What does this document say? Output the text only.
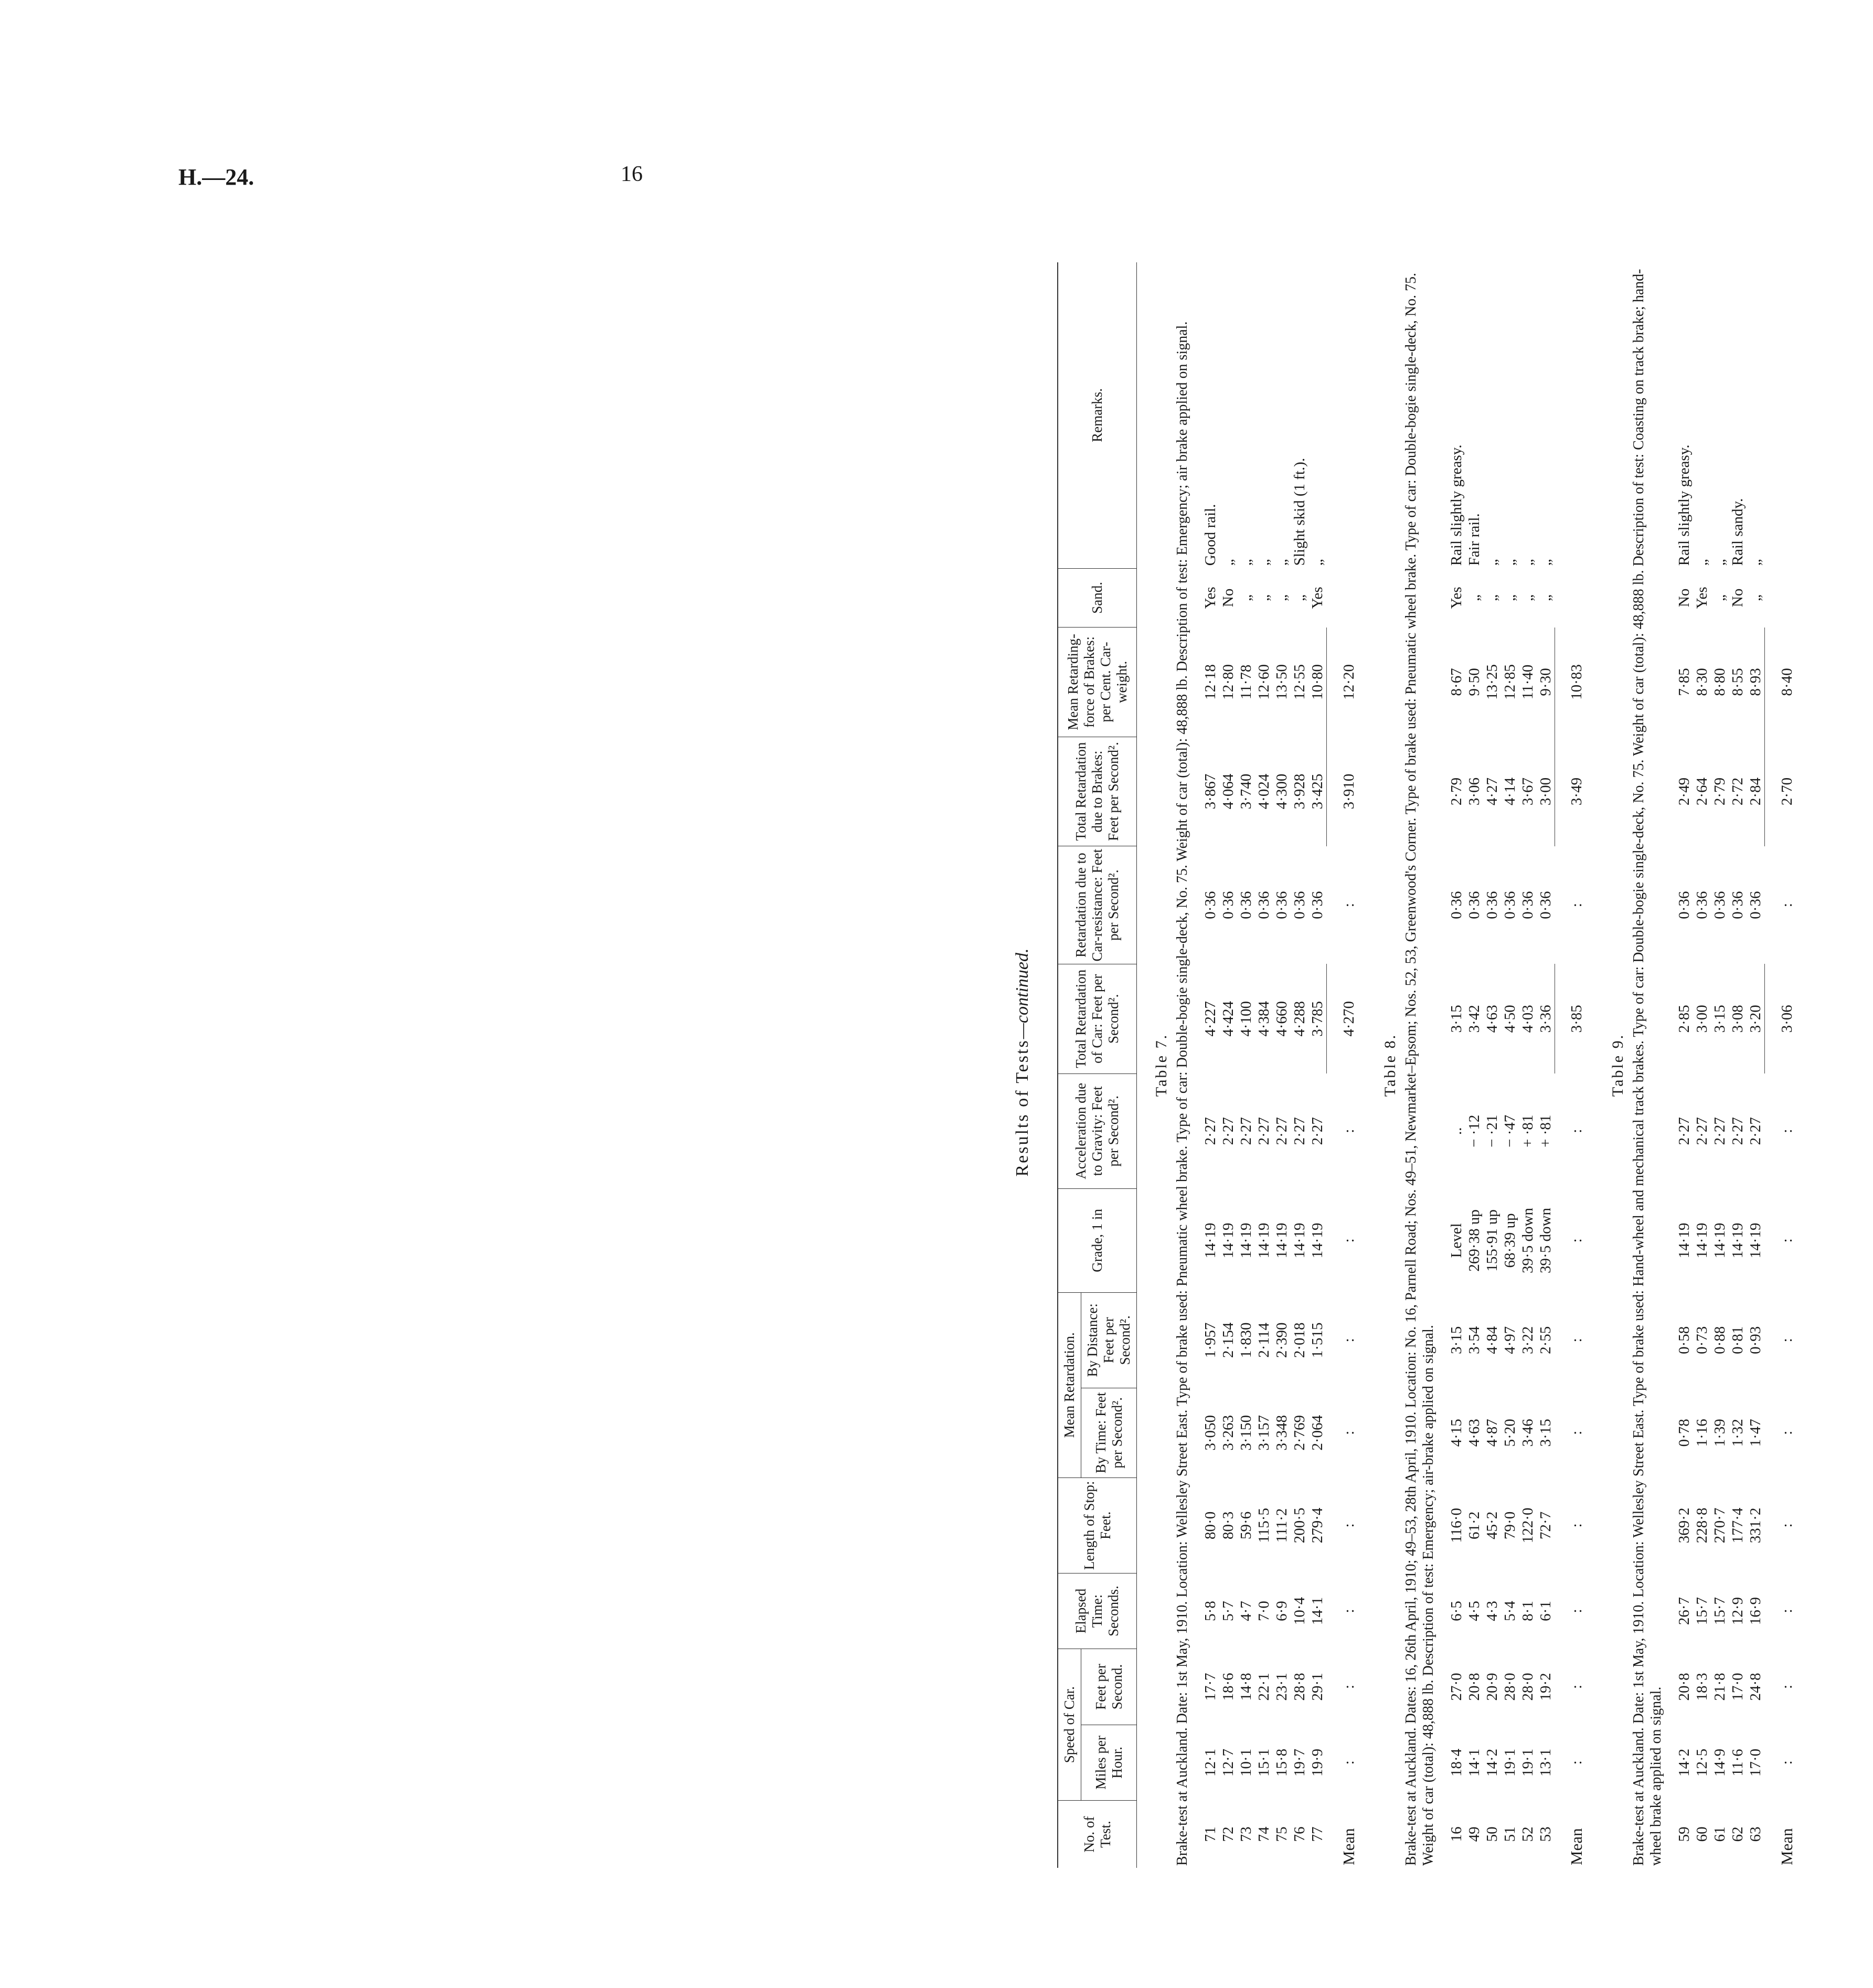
H.—24.	16
Results of Tests—continued.
No. of Test.	Speed of Car.		Elapsed Time: Seconds.	Length of Stop: Feet.	Mean Retardation.		Grade, 1 in	Acceleration due to Gravity: Feet per Second².	Total Retardation of Car: Feet per Second².	Retardation due to Car-resistance: Feet per Second².	Total Retardation due to Brakes: Feet per Second².	Mean Retarding-force of Brakes: per Cent. Car-weight.	Sand.	Remarks.
	Miles per Hour.	Feet per Second.			By Time: Feet per Second².	By Distance: Feet per Second².								
Table 7.														
Brake-test at Auckland. Date: 1st May, 1910. Location: Wellesley Street East. Type of brake used: Pneumatic wheel brake. Type of car: Double-bogie single-deck, No. 75. Weight of car (total): 48,888 lb. Description of test: Emergency; air brake applied on signal.														

71	12·1	17·7	5·8	80·0	3·050	1·957	14·19	2·27	4·227	0·36	3·867	12·18	Yes	Good rail.
72	12·7	18·6	5·7	80·3	3·263	2·154	14·19	2·27	4·424	0·36	4·064	12·80	No	„
73	10·1	14·8	4·7	59·6	3·150	1·830	14·19	2·27	4·100	0·36	3·740	11·78	„	„
74	15·1	22·1	7·0	115·5	3·157	2·114	14·19	2·27	4·384	0·36	4·024	12·60	„	„
75	15·8	23·1	6·9	111·2	3·348	2·390	14·19	2·27	4·660	0·36	4·300	13·50	„	„
76	19·7	28·8	10·4	200·5	2·769	2·018	14·19	2·27	4·288	0·36	3·928	12·55	„	Slight skid (1 ft.).
77	19·9	29·1	14·1	279·4	2·064	1·515	14·19	2·27	3·785	0·36	3·425	10·80	Yes	„
Mean	:	:	:	:	:	:	:	:	4·270	:	3·910	12·20		
Table 8.														
Brake-test at Auckland. Dates: 16, 26th April, 1910; 49–53, 28th April, 1910. Location: No. 16, Parnell Road; Nos. 49–51, Newmarket–Epsom; Nos. 52, 53, Greenwood's Corner. Type of brake used: Pneumatic wheel brake. Type of car: Double-bogie single-deck, No. 75. Weight of car (total): 48,888 lb. Description of test: Emergency; air-brake applied on signal.														

16	18·4	27·0	6·5	116·0	4·15	3·15	Level	..	3·15	0·36	2·79	8·67	Yes	Rail slightly greasy.
49	14·1	20·8	4·5	61·2	4·63	3·54	269·38 up	− ·12	3·42	0·36	3·06	9·50	„	Fair rail.
50	14·2	20·9	4·3	45·2	4·87	4·84	155·91 up	− ·21	4·63	0·36	4·27	13·25	„	„
51	19·1	28·0	5·4	79·0	5·20	4·97	68·39 up	− ·47	4·50	0·36	4·14	12·85	„	„
52	19·1	28·0	8·1	122·0	3·46	3·22	39·5 down	+ ·81	4·03	0·36	3·67	11·40	„	„
53	13·1	19·2	6·1	72·7	3·15	2·55	39·5 down	+ ·81	3·36	0·36	3·00	9·30	„	„
Mean	:	:	:	:	:	:	:	:	3·85	:	3·49	10·83		
Table 9.														
Brake-test at Auckland. Date: 1st May, 1910. Location: Wellesley Street East. Type of brake used: Hand-wheel and mechanical track brakes. Type of car: Double-bogie single-deck, No. 75. Weight of car (total): 48,888 lb. Description of test: Coasting on track brake; hand-wheel brake applied on signal.														

59	14·2	20·8	26·7	369·2	0·78	0·58	14·19	2·27	2·85	0·36	2·49	7·85	No	Rail slightly greasy.
60	12·5	18·3	15·7	228·8	1·16	0·73	14·19	2·27	3·00	0·36	2·64	8·30	Yes	„
61	14·9	21·8	15·7	270·7	1·39	0·88	14·19	2·27	3·15	0·36	2·79	8·80	„	„
62	11·6	17·0	12·9	177·4	1·32	0·81	14·19	2·27	3·08	0·36	2·72	8·55	No	Rail sandy.
63	17·0	24·8	16·9	331·2	1·47	0·93	14·19	2·27	3·20	0·36	2·84	8·93	„	„
Mean	:	:	:	:	:	:	:	:	3·06	:	2·70	8·40		
